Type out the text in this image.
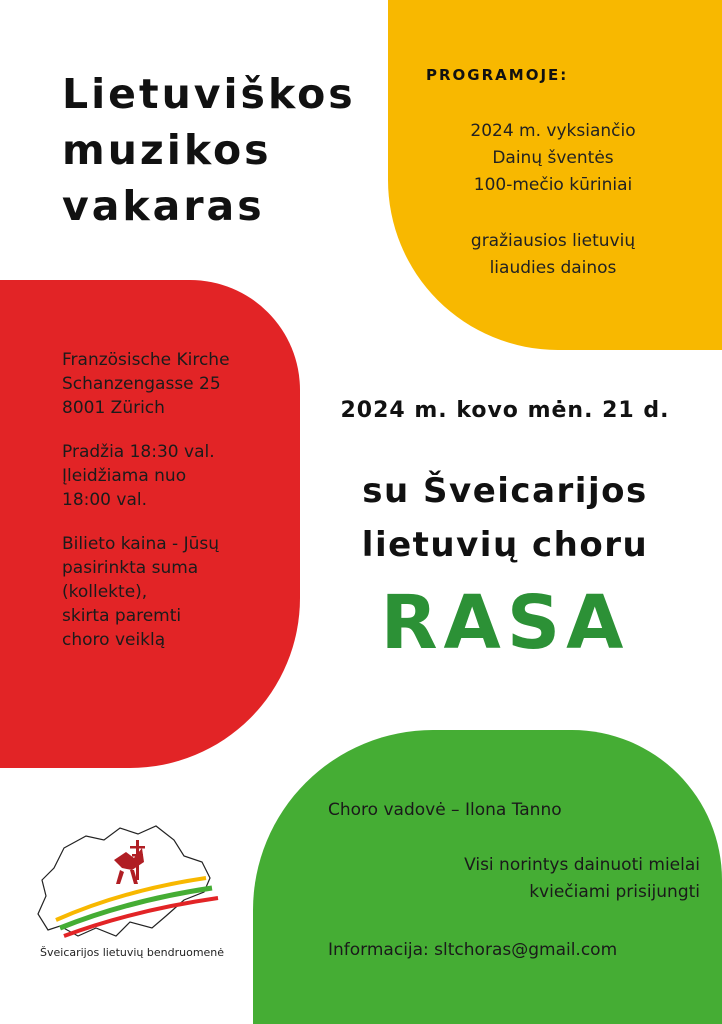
Lietuviškos
muzikos
vakaras
PROGRAMOJE:
2024 m. vyksiančio
Dainų šventės
100-mečio kūriniai
gražiausios lietuvių
liaudies dainos
Französische Kirche
Schanzengasse 25
8001 Zürich
Pradžia 18:30 val.
Įleidžiama nuo
18:00 val.
Bilieto kaina - Jūsų
pasirinkta suma
(kollekte),
skirta paremti
choro veiklą
2024 m. kovo mėn. 21 d.
su Šveicarijos
lietuvių choru
RASA
Choro vadovė – Ilona Tanno
Visi norintys dainuoti mielai
kviečiami prisijungti
Informacija: sltchoras@gmail.com
Šveicarijos lietuvių bendruomenė
